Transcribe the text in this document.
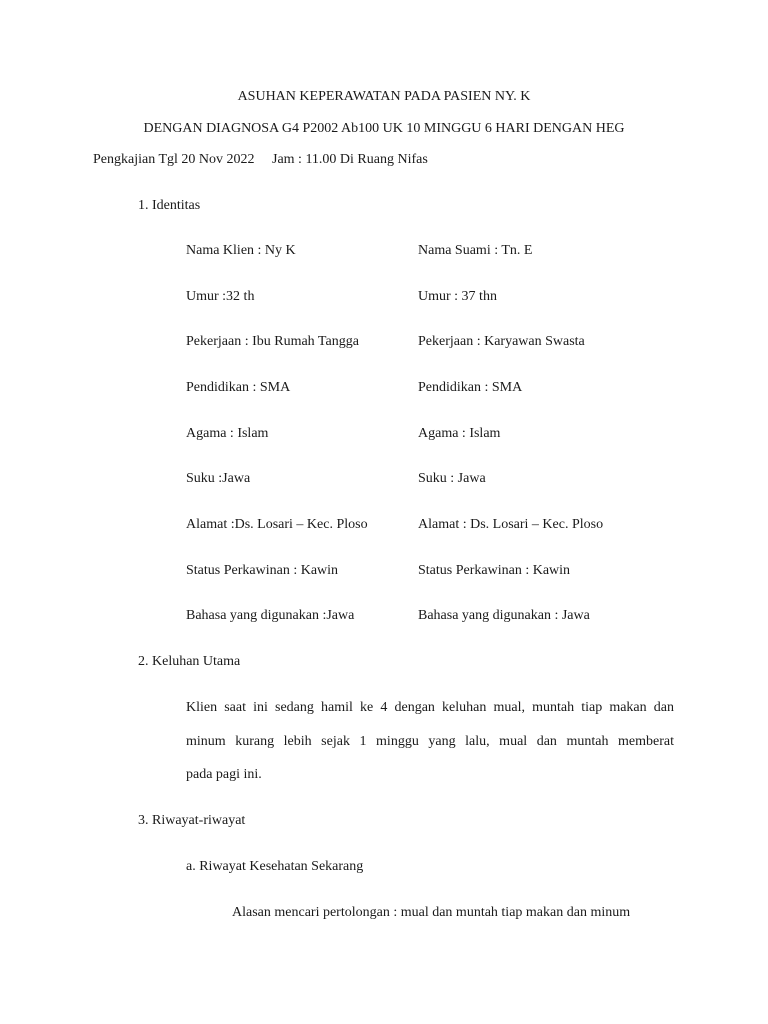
ASUHAN KEPERAWATAN PADA PASIEN NY. K
DENGAN DIAGNOSA G4 P2002 Ab100 UK 10 MINGGU 6 HARI DENGAN HEG
Pengkajian Tgl 20 Nov 2022     Jam : 11.00 Di Ruang Nifas
1. Identitas
Nama Klien : Ny K	Nama Suami : Tn. E
Umur :32 th	Umur : 37 thn
Pekerjaan : Ibu Rumah Tangga	Pekerjaan : Karyawan Swasta
Pendidikan : SMA	Pendidikan : SMA
Agama : Islam	Agama : Islam
Suku :Jawa	Suku : Jawa
Alamat :Ds. Losari – Kec. Ploso	Alamat : Ds. Losari – Kec. Ploso
Status Perkawinan : Kawin	Status Perkawinan : Kawin
Bahasa yang digunakan :Jawa	Bahasa yang digunakan : Jawa
2. Keluhan Utama
Klien saat ini sedang hamil ke 4 dengan keluhan mual, muntah tiap makan dan
minum kurang lebih sejak 1 minggu yang lalu, mual dan muntah memberat
pada pagi ini.
3. Riwayat-riwayat
a. Riwayat Kesehatan Sekarang
Alasan mencari pertolongan : mual dan muntah tiap makan dan minum
